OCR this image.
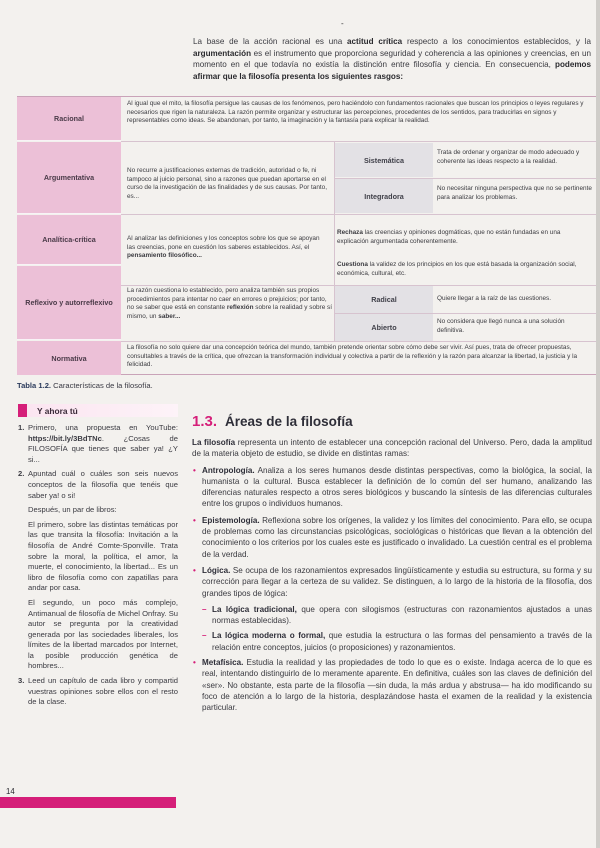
-
La base de la acción racional es una actitud crítica respecto a los conocimientos establecidos, y la argumentación es el instrumento que proporciona seguridad y coherencia a las opiniones y creencias, en un momento en el que todavía no existía la distinción entre filosofía y ciencia. En consecuencia, podemos afirmar que la filosofía presenta los siguientes rasgos:
Racional
Al igual que el mito, la filosofía persigue las causas de los fenómenos, pero haciéndolo con fundamentos racionales que buscan los principios o leyes regulares y necesarios que rigen la naturaleza. La razón permite organizar y estructurar las percepciones, procedentes de los sentidos, para traducirlas en signos y representables como ideas. Se abandonan, por tanto, la imaginación y la fantasía para explicar la realidad.
Argumentativa
No recurre a justificaciones externas de tradición, autoridad o fe, ni tampoco al juicio personal, sino a razones que puedan aportarse en el curso de la investigación de las finalidades y de sus causas. Por tanto, es...
Sistemática
Trata de ordenar y organizar de modo adecuado y coherente las ideas respecto a la realidad.
Integradora
No necesitar ninguna perspectiva que no se pertinente para analizar los problemas.
Analítica-crítica	Al analizar las definiciones y los conceptos sobre los que se apoyan las creencias, pone en cuestión los saberes establecidos. Así, el pensamiento filosófico...
Rechaza las creencias y opiniones dogmáticas, que no están fundadas en una explicación argumentada coherentemente.
Cuestiona la validez de los principios en los que está basada la organización social, económica, cultural, etc.
Reflexivo y autorreflexivo
La razón cuestiona lo establecido, pero analiza también sus propios procedimientos para intentar no caer en errores o prejuicios; por tanto, no se saber que está en constante reflexión sobre la realidad y sobre sí mismo, un saber...
Radical	Quiere llegar a la raíz de las cuestiones.
Abierto
No considera que llegó nunca a una solución definitiva.
Normativa
La filosofía no solo quiere dar una concepción teórica del mundo, también pretende orientar sobre cómo debe ser vivir. Así pues, trata de ofrecer propuestas, consultables a través de la crítica, que ofrezcan la transformación individual y colectiva a partir de la reflexión y la razón para alcanzar la libertad, la justicia y la felicidad.
Tabla 1.2. Características de la filosofía.
Y ahora tú

1. Primero, una propuesta en YouTube: https://bit.ly/3BdTNc. ¿Cosas de FILOSOFÍA que tienes que saber ya! ¿Y si...

2. Apuntad cuál o cuáles son seis nuevos conceptos de la filosofía que tenéis que saber ya! o si!

Después, un par de libros:

El primero, sobre las distintas temáticas por las que transita la filosofía: Invitación a la filosofía de André Comte-Sponville. Trata sobre la moral, la política, el amor, la muerte, el conocimiento, la libertad... Es un libro de filosofía como con zapatillas para andar por casa.

El segundo, un poco más complejo, Antimanual de filosofía de Michel Onfray. Su autor se pregunta por la creatividad generada por las sociedades liberales, los límites de la libertad marcados por Internet, la posible producción genética de hombres...

3. Leed un capítulo de cada libro y compartid vuestras opiniones sobre ellos con el resto de la clase.

1.3. Áreas de la filosofía

La filosofía representa un intento de establecer una concepción racional del Universo. Pero, dada la amplitud de la materia objeto de estudio, se divide en distintas ramas:

• Antropología. Analiza a los seres humanos desde distintas perspectivas, como la biológica, la social, la humanista o la cultural. Busca establecer la definición de lo común del ser humano, analizando las diferencias naturales respecto a otros seres biológicos y buscando la síntesis de las diferencias culturales entre los grupos o individuos humanos.
• Epistemología. Reflexiona sobre los orígenes, la validez y los límites del conocimiento. Para ello, se ocupa de problemas como las circunstancias psicológicas, sociológicas o históricas que llevan a la obtención del conocimiento o los criterios por los cuales este es justificado o invalidado. La cuestión central es el problema de la verdad.
• Lógica. Se ocupa de los razonamientos expresados lingüísticamente y estudia su estructura, su forma y su corrección para llegar a la certeza de su validez. Se distinguen, a lo largo de la historia de la filosofía, dos grandes tipos de lógica:
– La lógica tradicional, que opera con silogismos (estructuras con razonamientos ajustados a unas normas establecidas).
– La lógica moderna o formal, que estudia la estructura o las formas del pensamiento a través de la relación entre conceptos, juicios (o proposiciones) y razonamientos.
• Metafísica. Estudia la realidad y las propiedades de todo lo que es o existe. Indaga acerca de lo que es real, intentando distinguirlo de lo meramente aparente. En definitiva, cuáles son las claves de definición del «ser». No obstante, esta parte de la filosofía —sin duda, la más ardua y abstrusa— ha ido modificando su foco de atención a lo largo de la historia, desplazándose hasta el examen de la realidad y la existencia particular.
14
